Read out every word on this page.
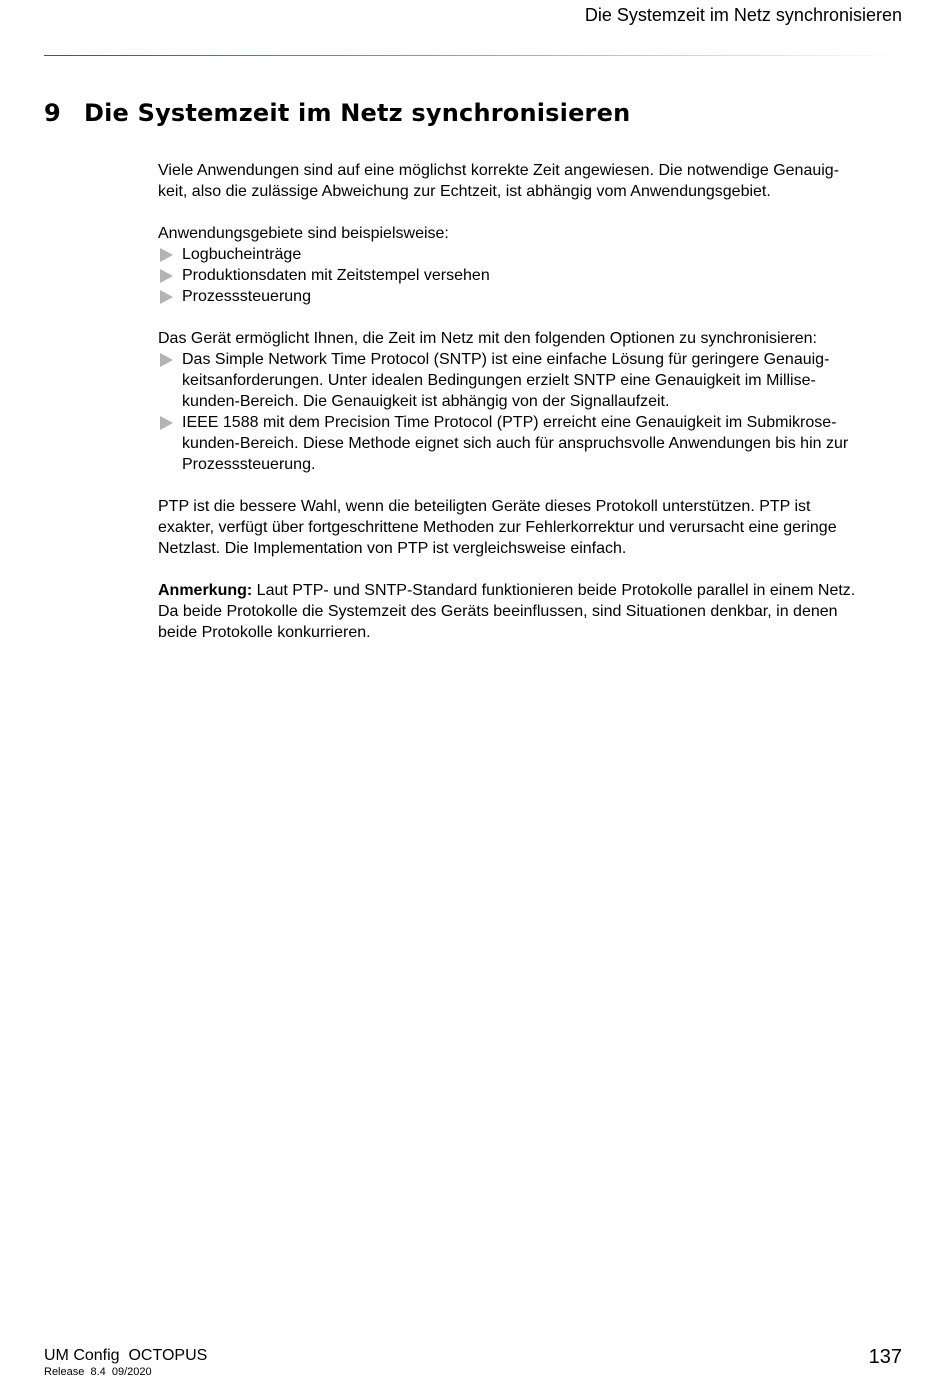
Die Systemzeit im Netz synchronisieren
9 Die Systemzeit im Netz synchronisieren

Viele Anwendungen sind auf eine möglichst korrekte Zeit angewiesen. Die notwendige Genauig-
keit, also die zulässige Abweichung zur Echtzeit, ist abhängig vom Anwendungsgebiet.

Anwendungsgebiete sind beispielsweise:

Logbucheinträge
Produktionsdaten mit Zeitstempel versehen
Prozesssteuerung

Das Gerät ermöglicht Ihnen, die Zeit im Netz mit den folgenden Optionen zu synchronisieren:

Das Simple Network Time Protocol (SNTP) ist eine einfache Lösung für geringere Genauig-
keitsanforderungen. Unter idealen Bedingungen erzielt SNTP eine Genauigkeit im Millise-
kunden-Bereich. Die Genauigkeit ist abhängig von der Signallaufzeit.
IEEE 1588 mit dem Precision Time Protocol (PTP) erreicht eine Genauigkeit im Submikrose-
kunden-Bereich. Diese Methode eignet sich auch für anspruchsvolle Anwendungen bis hin zur
Prozesssteuerung.

PTP ist die bessere Wahl, wenn die beteiligten Geräte dieses Protokoll unterstützen. PTP ist
exakter, verfügt über fortgeschrittene Methoden zur Fehlerkorrektur und verursacht eine geringe
Netzlast. Die Implementation von PTP ist vergleichsweise einfach.

Anmerkung: Laut PTP- und SNTP-Standard funktionieren beide Protokolle parallel in einem Netz.
Da beide Protokolle die Systemzeit des Geräts beeinflussen, sind Situationen denkbar, in denen
beide Protokolle konkurrieren.

UM Config  OCTOPUS
Release  8.4  09/2020
137
